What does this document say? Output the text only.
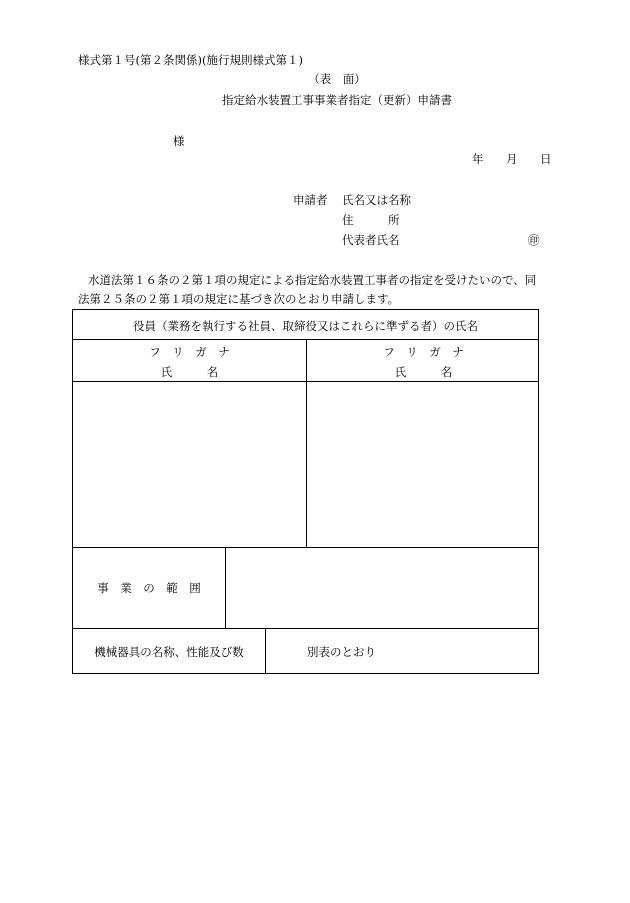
様式第１号(第２条関係)(施行規則様式第１)
（表　面）
指定給水装置工事事業者指定（更新）申請書
様
年 月 日
申請者 氏名又は名称
住　　　所
代表者氏名	㊞
水道法第１６条の２第１項の規定による指定給水装置工事者の指定を受けたいので、同
法第２５条の２第１項の規定に基づき次のとおり申請します。
役員（業務を執行する社員、取締役又はこれらに準ずる者）の氏名
フ　リ　ガ　ナ
氏　　　名
フ　リ　ガ　ナ
氏　　　名
事　業　の　範　囲
機械器具の名称、性能及び数	別表のとおり
